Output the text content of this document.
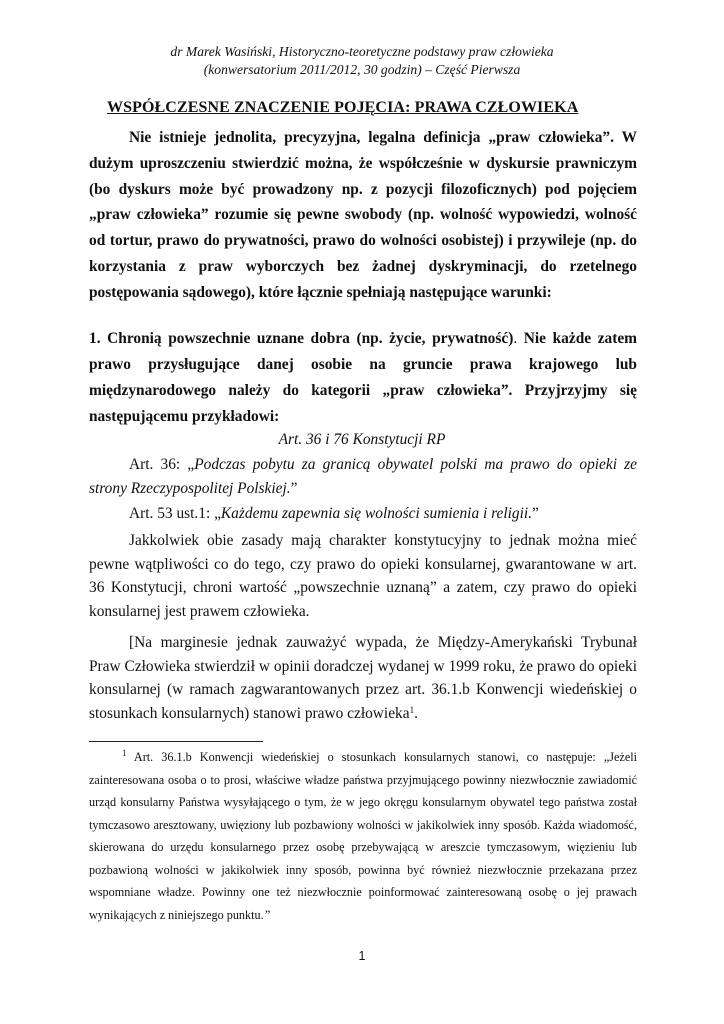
dr Marek Wasiński, Historyczno-teoretyczne podstawy praw człowieka
(konwersatorium 2011/2012, 30 godzin) – Część Pierwsza
WSPÓŁCZESNE ZNACZENIE POJĘCIA: PRAWA CZŁOWIEKA

Nie istnieje jednolita, precyzyjna, legalna definicja „praw człowieka”. W dużym uproszczeniu stwierdzić można, że współcześnie w dyskursie prawniczym (bo dyskurs może być prowadzony np. z pozycji filozoficznych) pod pojęciem „praw człowieka” rozumie się pewne swobody (np. wolność wypowiedzi, wolność od tortur, prawo do prywatności, prawo do wolności osobistej) i przywileje (np. do korzystania z praw wyborczych bez żadnej dyskryminacji, do rzetelnego postępowania sądowego), które łącznie spełniają następujące warunki:

1. Chronią powszechnie uznane dobra (np. życie, prywatność). Nie każde zatem prawo przysługujące danej osobie na gruncie prawa krajowego lub międzynarodowego należy do kategorii „praw człowieka”. Przyjrzyjmy się następującemu przykładowi:

Art. 36 i 76 Konstytucji RP

Art. 36: „Podczas pobytu za granicą obywatel polski ma prawo do opieki ze strony Rzeczypospolitej Polskiej.”

Art. 53 ust.1: „Każdemu zapewnia się wolności sumienia i religii.”

Jakkolwiek obie zasady mają charakter konstytucyjny to jednak można mieć pewne wątpliwości co do tego, czy prawo do opieki konsularnej, gwarantowane w art. 36 Konstytucji, chroni wartość „powszechnie uznaną” a zatem, czy prawo do opieki konsularnej jest prawem człowieka.

[Na marginesie jednak zauważyć wypada, że Między-Amerykański Trybunał Praw Człowieka stwierdził w opinii doradczej wydanej w 1999 roku, że prawo do opieki konsularnej (w ramach zagwarantowanych przez art. 36.1.b Konwencji wiedeńskiej o stosunkach konsularnych) stanowi prawo człowieka$^1$.

$^1$ Art. 36.1.b Konwencji wiedeńskiej o stosunkach konsularnych stanowi, co następuje: „Jeżeli zainteresowana osoba o to prosi, właściwe władze państwa przyjmującego powinny niezwłocznie zawiadomić urząd konsularny Państwa wysyłającego o tym, że w jego okręgu konsularnym obywatel tego państwa został tymczasowo aresztowany, uwięziony lub pozbawiony wolności w jakikolwiek inny sposób. Każda wiadomość, skierowana do urzędu konsularnego przez osobę przebywającą w areszcie tymczasowym, więzieniu lub pozbawioną wolności w jakikolwiek inny sposób, powinna być również niezwłocznie przekazana przez wspomniane władze. Powinny one też niezwłocznie poinformować zainteresowaną osobę o jej prawach wynikających z niniejszego punktu.”

1
